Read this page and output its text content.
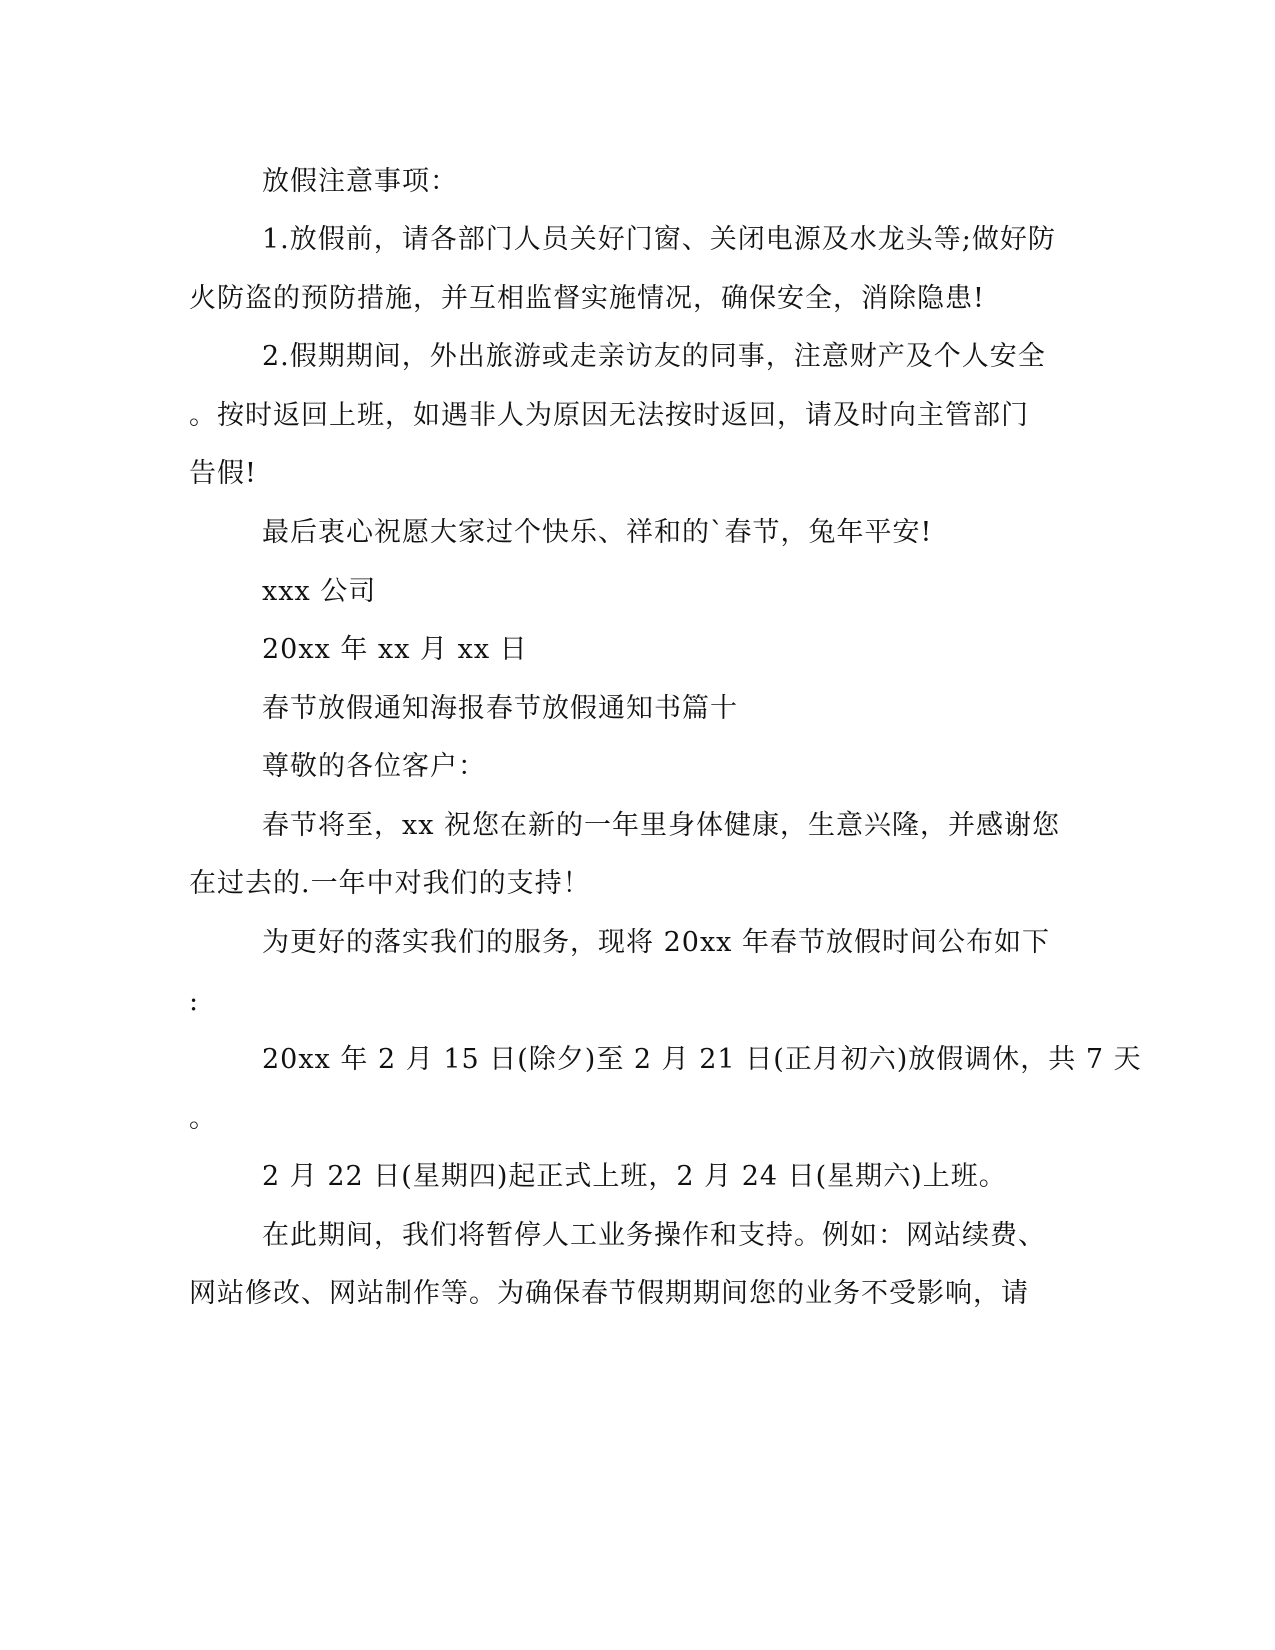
放假注意事项：
1.放假前，请各部门人员关好门窗、关闭电源及水龙头等;做好防
火防盗的预防措施，并互相监督实施情况，确保安全，消除隐患!
2.假期期间，外出旅游或走亲访友的同事，注意财产及个人安全
。按时返回上班，如遇非人为原因无法按时返回，请及时向主管部门
告假!
最后衷心祝愿大家过个快乐、祥和的`春节，兔年平安!
xxx 公司
20xx 年 xx 月 xx 日
春节放假通知海报春节放假通知书篇十
尊敬的各位客户：
春节将至，xx 祝您在新的一年里身体健康，生意兴隆，并感谢您
在过去的.一年中对我们的支持！
为更好的落实我们的服务，现将 20xx 年春节放假时间公布如下
:
20xx 年 2 月 15 日(除夕)至 2 月 21 日(正月初六)放假调休，共 7 天
。
2 月 22 日(星期四)起正式上班，2 月 24 日(星期六)上班。
在此期间，我们将暂停人工业务操作和支持。例如：网站续费、
网站修改、网站制作等。为确保春节假期期间您的业务不受影响，请
